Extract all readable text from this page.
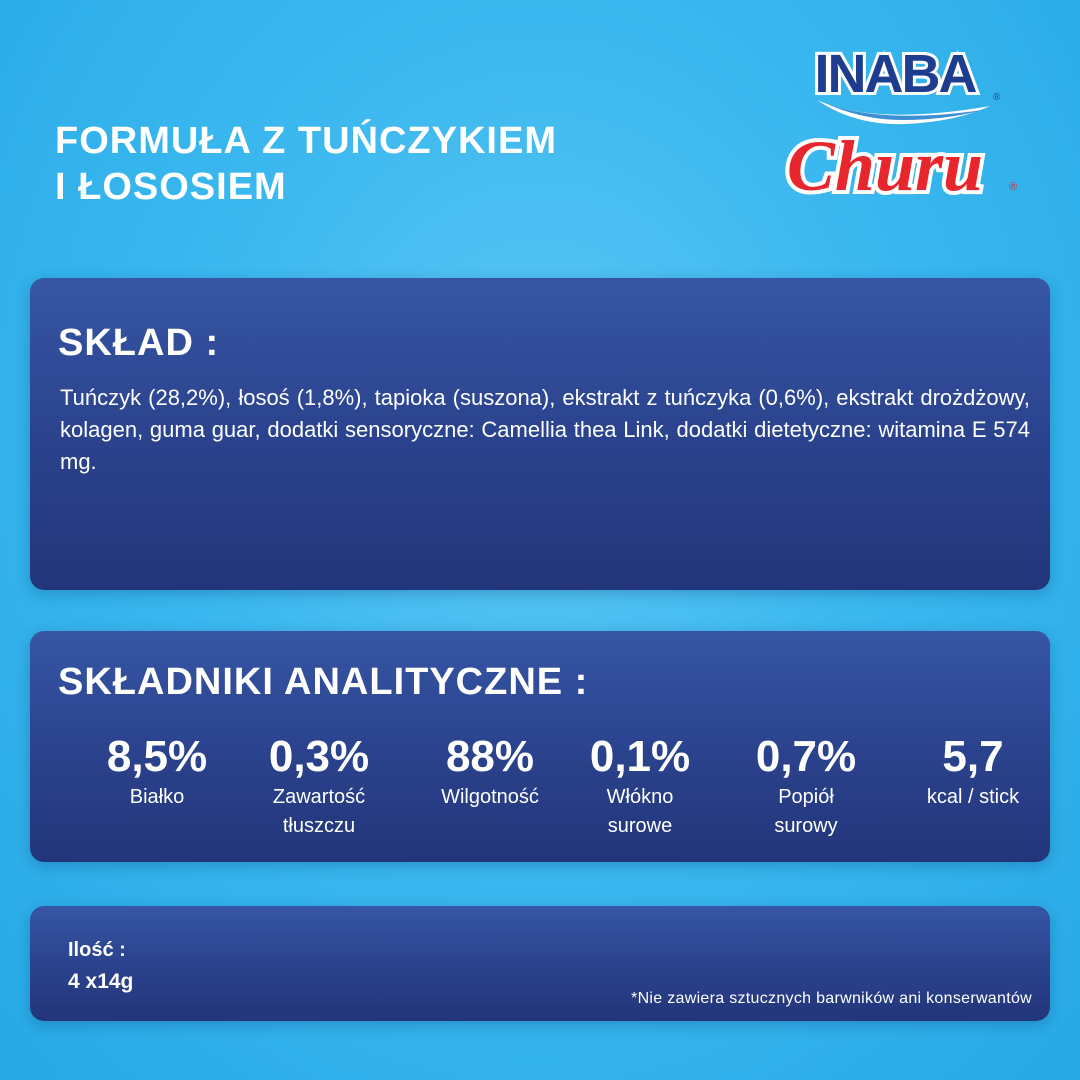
FORMUŁA Z TUŃCZYKIEM
I ŁOSOSIEM
INABA ®
Churu ®
SKŁAD :
Tuńczyk (28,2%), łosoś (1,8%), tapioka (suszona), ekstrakt z tuńczyka (0,6%), ekstrakt drożdżowy, kolagen, guma guar, dodatki sensoryczne: Camellia thea Link, dodatki dietetyczne: witamina E 574 mg.
SKŁADNIKI ANALITYCZNE :
8,5%
Białko
0,3%
Zawartość
tłuszczu
88%
Wilgotność
0,1%
Włókno
surowe
0,7%
Popiół
surowy
5,7
kcal / stick
Ilość :
4 x14g
*Nie zawiera sztucznych barwników ani konserwantów
